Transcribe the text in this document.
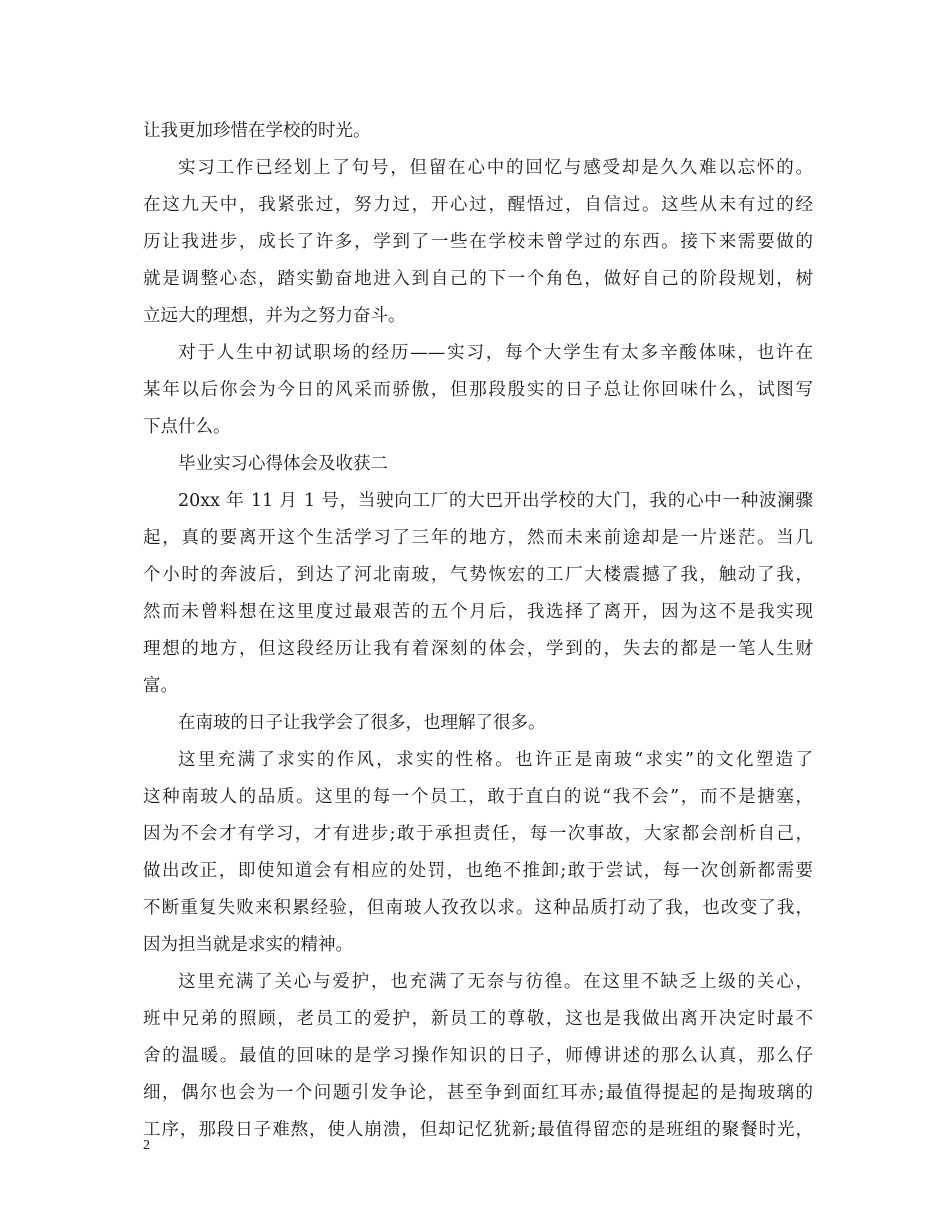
让我更加珍惜在学校的时光。
实习工作已经划上了句号，但留在心中的回忆与感受却是久久难以忘怀的。
在这九天中，我紧张过，努力过，开心过，醒悟过，自信过。这些从未有过的经
历让我进步，成长了许多，学到了一些在学校未曾学过的东西。接下来需要做的
就是调整心态，踏实勤奋地进入到自己的下一个角色，做好自己的阶段规划，树
立远大的理想，并为之努力奋斗。
对于人生中初试职场的经历——实习，每个大学生有太多辛酸体味，也许在
某年以后你会为今日的风采而骄傲，但那段殷实的日子总让你回味什么，试图写
下点什么。
毕业实习心得体会及收获二
20xx 年 11 月 1 号，当驶向工厂的大巴开出学校的大门，我的心中一种波澜骤
起，真的要离开这个生活学习了三年的地方，然而未来前途却是一片迷茫。当几
个小时的奔波后，到达了河北南玻，气势恢宏的工厂大楼震撼了我，触动了我，
然而未曾料想在这里度过最艰苦的五个月后，我选择了离开，因为这不是我实现
理想的地方，但这段经历让我有着深刻的体会，学到的，失去的都是一笔人生财
富。
在南玻的日子让我学会了很多，也理解了很多。
这里充满了求实的作风，求实的性格。也许正是南玻“求实”的文化塑造了
这种南玻人的品质。这里的每一个员工，敢于直白的说“我不会”，而不是搪塞，
因为不会才有学习，才有进步;敢于承担责任，每一次事故，大家都会剖析自己，
做出改正，即使知道会有相应的处罚，也绝不推卸;敢于尝试，每一次创新都需要
不断重复失败来积累经验，但南玻人孜孜以求。这种品质打动了我，也改变了我，
因为担当就是求实的精神。
这里充满了关心与爱护，也充满了无奈与彷徨。在这里不缺乏上级的关心，
班中兄弟的照顾，老员工的爱护，新员工的尊敬，这也是我做出离开决定时最不
舍的温暖。最值的回味的是学习操作知识的日子，师傅讲述的那么认真，那么仔
细，偶尔也会为一个问题引发争论，甚至争到面红耳赤;最值得提起的是掏玻璃的
工序，那段日子难熬，使人崩溃，但却记忆犹新;最值得留恋的是班组的聚餐时光，
2
